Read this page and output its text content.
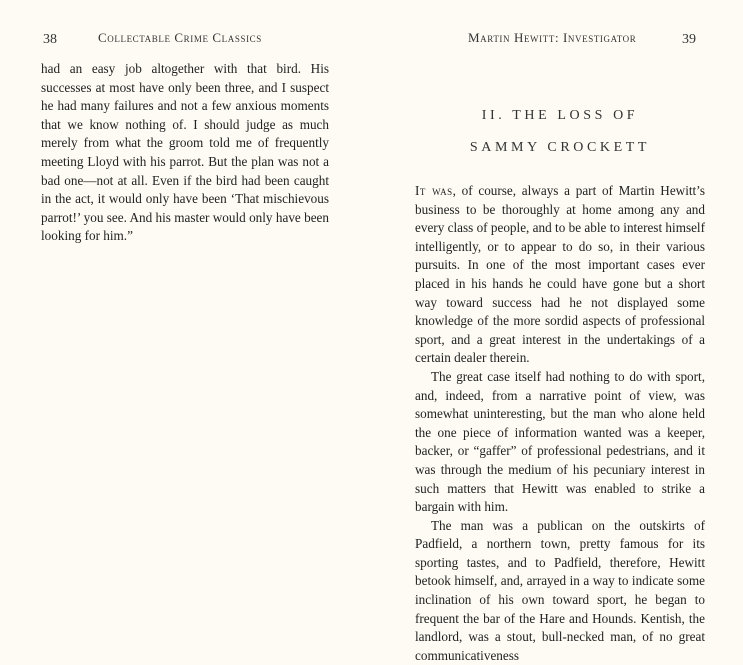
38	Collectable Crime Classics

had an easy job altogether with that bird. His successes at most have only been three, and I suspect he had many failures and not a few anxious moments that we know nothing of. I should judge as much merely from what the groom told me of frequently meeting Lloyd with his parrot. But the plan was not a bad one—not at all. Even if the bird had been caught in the act, it would only have been ‘That mischievous parrot!’ you see. And his master would only have been looking for him.”

Martin Hewitt: Investigator	39
II. THE LOSS OF
SAMMY CROCKETT

It was, of course, always a part of Martin Hewitt’s business to be thoroughly at home among any and every class of people, and to be able to interest himself intelligently, or to appear to do so, in their various pursuits. In one of the most important cases ever placed in his hands he could have gone but a short way toward success had he not displayed some knowledge of the more sordid aspects of professional sport, and a great interest in the undertakings of a certain dealer therein.

The great case itself had nothing to do with sport, and, indeed, from a narrative point of view, was somewhat uninteresting, but the man who alone held the one piece of information wanted was a keeper, backer, or “gaffer” of professional pedestrians, and it was through the medium of his pecuniary interest in such matters that Hewitt was enabled to strike a bargain with him.

The man was a publican on the outskirts of Padfield, a northern town, pretty famous for its sporting tastes, and to Padfield, therefore, Hewitt betook himself, and, arrayed in a way to indicate some inclination of his own toward sport, he began to frequent the bar of the Hare and Hounds. Kentish, the landlord, was a stout, bull-necked man, of no great communicativeness
